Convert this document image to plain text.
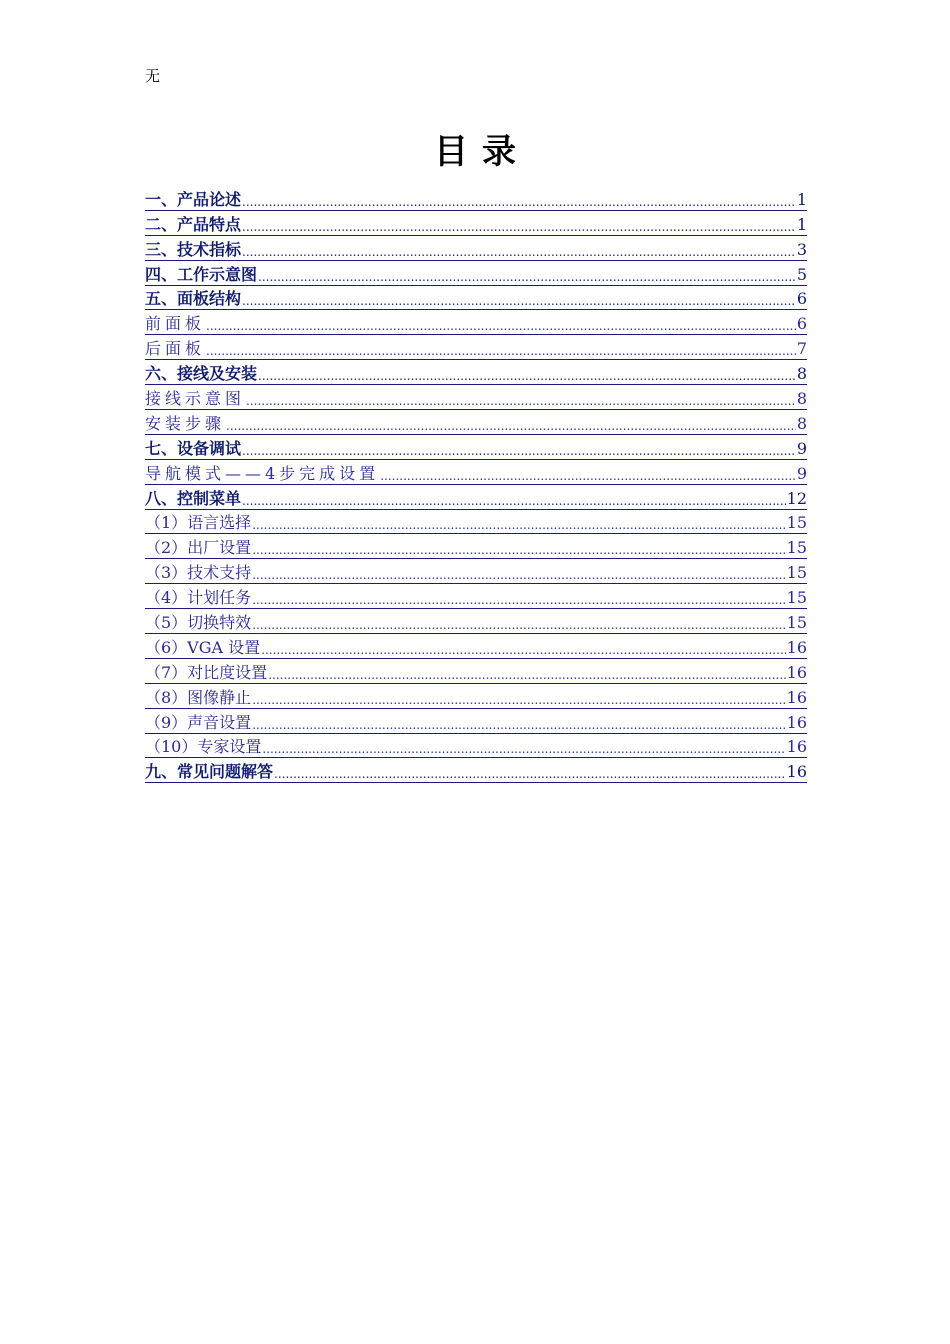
无
目录
一、产品论述 .....	1
二、产品特点 .....	1
三、技术指标 .....	3
四、工作示意图 .....	5
五、面板结构 .....	6
前面板 .....	6
后面板 .....	7
六、接线及安装 .....	8
接线示意图 .....	8
安装步骤 .....	8
七、设备调试 .....	9
导航模式——4步完成设置 .....	9
八、控制菜单 .....	12
（1）语言选择 .....	15
（2）出厂设置 .....	15
（3）技术支持 .....	15
（4）计划任务 .....	15
（5）切换特效 .....	15
（6）VGA 设置 .....	16
（7）对比度设置 .....	16
（8）图像静止 .....	16
（9）声音设置 .....	16
（10）专家设置 .....	16
九、常见问题解答 .....	16
